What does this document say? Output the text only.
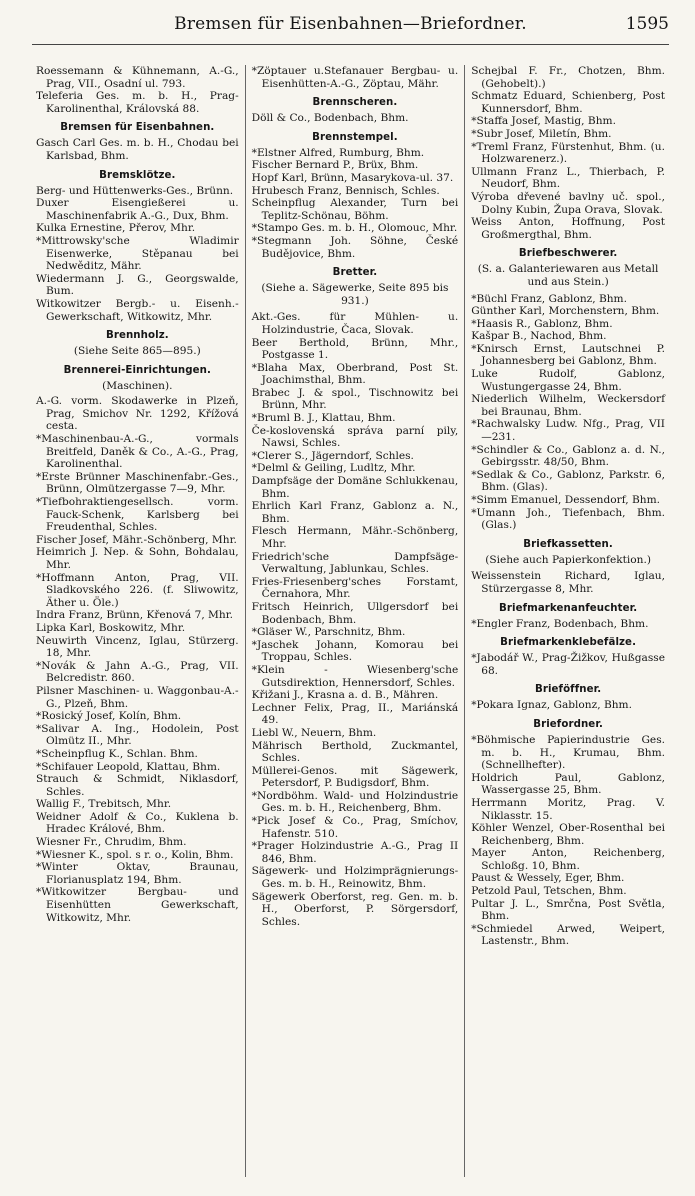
Bremsen für Eisenbahnen—Briefordner.	1595
Roessemann & Kühnemann, A.-G., Prag, VII., Osadní ul. 793.
Teleferia Ges. m. b. H., Prag-Karolinenthal, Královská 88.
Bremsen für Eisenbahnen.
Gasch Carl Ges. m. b. H., Chodau bei Karlsbad, Bhm.
Bremsklötze.
Berg- und Hüttenwerks-Ges., Brünn.
Duxer Eisengießerei u. Maschinenfabrik A.-G., Dux, Bhm.
Kulka Ernestine, Přerov, Mhr.
*Mittrowsky'sche Wladimir Eisenwerke, Stěpanau bei Nedwěditz, Mähr.
Wiedermann J. G., Georgswalde, Bum.
Witkowitzer Bergb.- u. Eisenh.-Gewerkschaft, Witkowitz, Mhr.
Brennholz.
(Siehe Seite 865—895.)
Brennerei-Einrichtungen.
(Maschinen).
A.-G. vorm. Skodawerke in Plzeň, Prag, Smichov Nr. 1292, Křížová cesta.
*Maschinenbau-A.-G., vormals Breitfeld, Daněk & Co., A.-G., Prag, Karolinenthal.
*Erste Brünner Maschinenfabr.-Ges., Brünn, Olmützergasse 7—9, Mhr.
*Tiefbohraktiengesellsch. vorm. Fauck-Schenk, Karlsberg bei Freudenthal, Schles.
Fischer Josef, Mähr.-Schönberg, Mhr.
Heimrich J. Nep. & Sohn, Bohdalau, Mhr.
*Hoffmann Anton, Prag, VII. Sladkovského 226. (f. Sliwowitz, Äther u. Öle.)
Indra Franz, Brünn, Křenová 7, Mhr.
Lipka Karl, Boskowitz, Mhr.
Neuwirth Vincenz, Iglau, Stürzerg. 18, Mhr.
*Novák & Jahn A.-G., Prag, VII. Belcredistr. 860.
Pilsner Maschinen- u. Waggonbau-A.-G., Plzeň, Bhm.
*Rosický Josef, Kolín, Bhm.
*Salivar A. Ing., Hodolein, Post Olmütz II., Mhr.
*Scheinpflug K., Schlan. Bhm.
*Schifauer Leopold, Klattau, Bhm.
Strauch & Schmidt, Niklasdorf, Schles.
Wallig F., Trebitsch, Mhr.
Weidner Adolf & Co., Kuklena b. Hradec Králové, Bhm.
Wiesner Fr., Chrudim, Bhm.
*Wiesner K., spol. s r. o., Kolin, Bhm.
*Winter Oktav, Braunau, Florianusplatz 194, Bhm.
*Witkowitzer Bergbau- und Eisenhütten Gewerkschaft, Witkowitz, Mhr.
*Zöptauer u.Stefanauer Bergbau- u. Eisenhütten-A.-G., Zöptau, Mähr.
Brennscheren.
Döll & Co., Bodenbach, Bhm.
Brennstempel.
*Elstner Alfred, Rumburg, Bhm.
Fischer Bernard P., Brüx, Bhm.
Hopf Karl, Brünn, Masarykova-ul. 37.
Hrubesch Franz, Bennisch, Schles.
Scheinpflug Alexander, Turn bei Teplitz-Schönau, Böhm.
*Stampo Ges. m. b. H., Olomouc, Mhr.
*Stegmann Joh. Söhne, České Budějovice, Bhm.
Bretter.
(Siehe a. Sägewerke, Seite 895 bis 931.)
Akt.-Ges. für Mühlen- u. Holzindustrie, Čaca, Slovak.
Beer Berthold, Brünn, Mhr., Postgasse 1.
*Blaha Max, Oberbrand, Post St. Joachimsthal, Bhm.
Brabec J. & spol., Tischnowitz bei Brünn, Mhr.
*Bruml B. J., Klattau, Bhm.
Če-koslovenská správa parní pily, Nawsi, Schles.
*Clerer S., Jägerndorf, Schles.
*Delml & Geiling, Ludltz, Mhr.
Dampfsäge der Domäne Schlukkenau, Bhm.
Ehrlich Karl Franz, Gablonz a. N., Bhm.
Flesch Hermann, Mähr.-Schönberg, Mhr.
Friedrich'sche Dampfsäge-Verwaltung, Jablunkau, Schles.
Fries-Friesenberg'sches Forstamt, Černahora, Mhr.
Fritsch Heinrich, Ullgersdorf bei Bodenbach, Bhm.
*Gläser W., Parschnitz, Bhm.
*Jaschek Johann, Komorau bei Troppau, Schles.
*Klein - Wiesenberg'sche Gutsdirektion, Hennersdorf, Schles.
Křižani J., Krasna a. d. B., Mähren.
Lechner Felix, Prag, II., Mariánská 49.
Liebl W., Neuern, Bhm.
Mährisch Berthold, Zuckmantel, Schles.
Müllerei-Genos. mit Sägewerk, Petersdorf, P. Budigsdorf, Bhm.
*Nordböhm. Wald- und Holzindustrie Ges. m. b. H., Reichenberg, Bhm.
*Pick Josef & Co., Prag, Smíchov, Hafenstr. 510.
*Prager Holzindustrie A.-G., Prag II 846, Bhm.
Sägewerk- und Holzimprägnierungs-Ges. m. b. H., Reinowitz, Bhm.
Sägewerk Oberforst, reg. Gen. m. b. H., Oberforst, P. Sörgersdorf, Schles.
Schejbal F. Fr., Chotzen, Bhm. (Gehobelt).)
Schmatz Eduard, Schienberg, Post Kunnersdorf, Bhm.
*Staffa Josef, Mastig, Bhm.
*Subr Josef, Miletín, Bhm.
*Treml Franz, Fürstenhut, Bhm. (u. Holzwarenerz.).
Ullmann Franz L., Thierbach, P. Neudorf, Bhm.
Výroba dřevené bavlny uč. spol., Dolny Kubin, Župa Orava, Slovak.
Weiss Anton, Hoffnung, Post Großmergthal, Bhm.
Briefbeschwerer.
(S. a. Galanteriewaren aus Metall und aus Stein.)
*Büchl Franz, Gablonz, Bhm.
Günther Karl, Morchenstern, Bhm.
*Haasis R., Gablonz, Bhm.
Kašpar B., Nachod, Bhm.
*Knirsch Ernst, Lautschnei P. Johannesberg bei Gablonz, Bhm.
Luke Rudolf, Gablonz, Wustungergasse 24, Bhm.
Niederlich Wilhelm, Weckersdorf bei Braunau, Bhm.
*Rachwalsky Ludw. Nfg., Prag, VII—231.
*Schindler & Co., Gablonz a. d. N., Gebirgsstr. 48/50, Bhm.
*Sedlak & Co., Gablonz, Parkstr. 6, Bhm. (Glas).
*Simm Emanuel, Dessendorf, Bhm.
*Umann Joh., Tiefenbach, Bhm. (Glas.)
Briefkassetten.
(Siehe auch Papierkonfektion.)
Weissenstein Richard, Iglau, Stürzergasse 8, Mhr.
Briefmarkenanfeuchter.
*Engler Franz, Bodenbach, Bhm.
Briefmarkenklebefälze.
*Jabodář W., Prag-Žižkov, Hußgasse 68.
Brieföffner.
*Pokara Ignaz, Gablonz, Bhm.
Briefordner.
*Böhmische Papierindustrie Ges. m. b. H., Krumau, Bhm. (Schnellhefter).
Holdrich Paul, Gablonz, Wassergasse 25, Bhm.
Herrmann Moritz, Prag. V. Niklasstr. 15.
Köhler Wenzel, Ober-Rosenthal bei Reichenberg, Bhm.
Mayer Anton, Reichenberg, Schloßg. 10, Bhm.
Paust & Wessely, Eger, Bhm.
Petzold Paul, Tetschen, Bhm.
Pultar J. L., Smrčna, Post Světla, Bhm.
*Schmiedel Arwed, Weipert, Lastenstr., Bhm.
